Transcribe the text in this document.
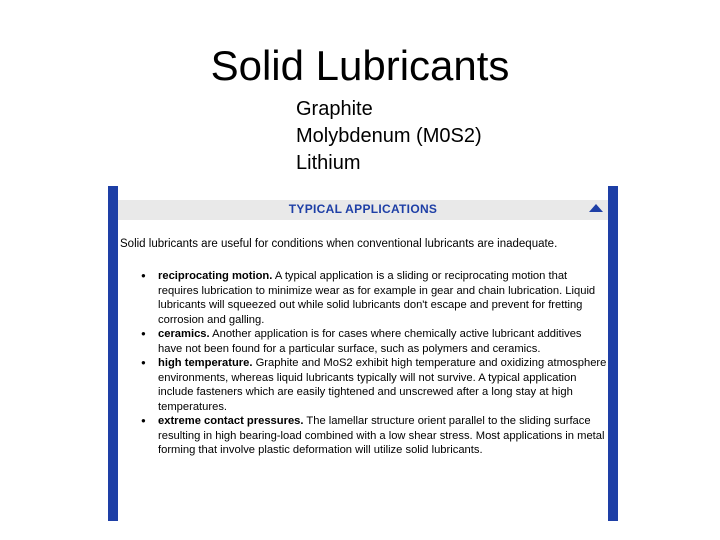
Solid Lubricants
Graphite
Molybdenum (M0S2)
Lithium
TYPICAL APPLICATIONS
Solid lubricants are useful for conditions when conventional lubricants are inadequate.
● reciprocating motion. A typical application is a sliding or reciprocating motion that requires lubrication to minimize wear as for example in gear and chain lubrication. Liquid lubricants will squeezed out while solid lubricants don't escape and prevent for fretting corrosion and galling.
● ceramics. Another application is for cases where chemically active lubricant additives have not been found for a particular surface, such as polymers and ceramics.
● high temperature. Graphite and MoS2 exhibit high temperature and oxidizing atmosphere environments, whereas liquid lubricants typically will not survive. A typical application include fasteners which are easily tightened and unscrewed after a long stay at high temperatures.
● extreme contact pressures. The lamellar structure orient parallel to the sliding surface resulting in high bearing-load combined with a low shear stress. Most applications in metal forming that involve plastic deformation will utilize solid lubricants.
